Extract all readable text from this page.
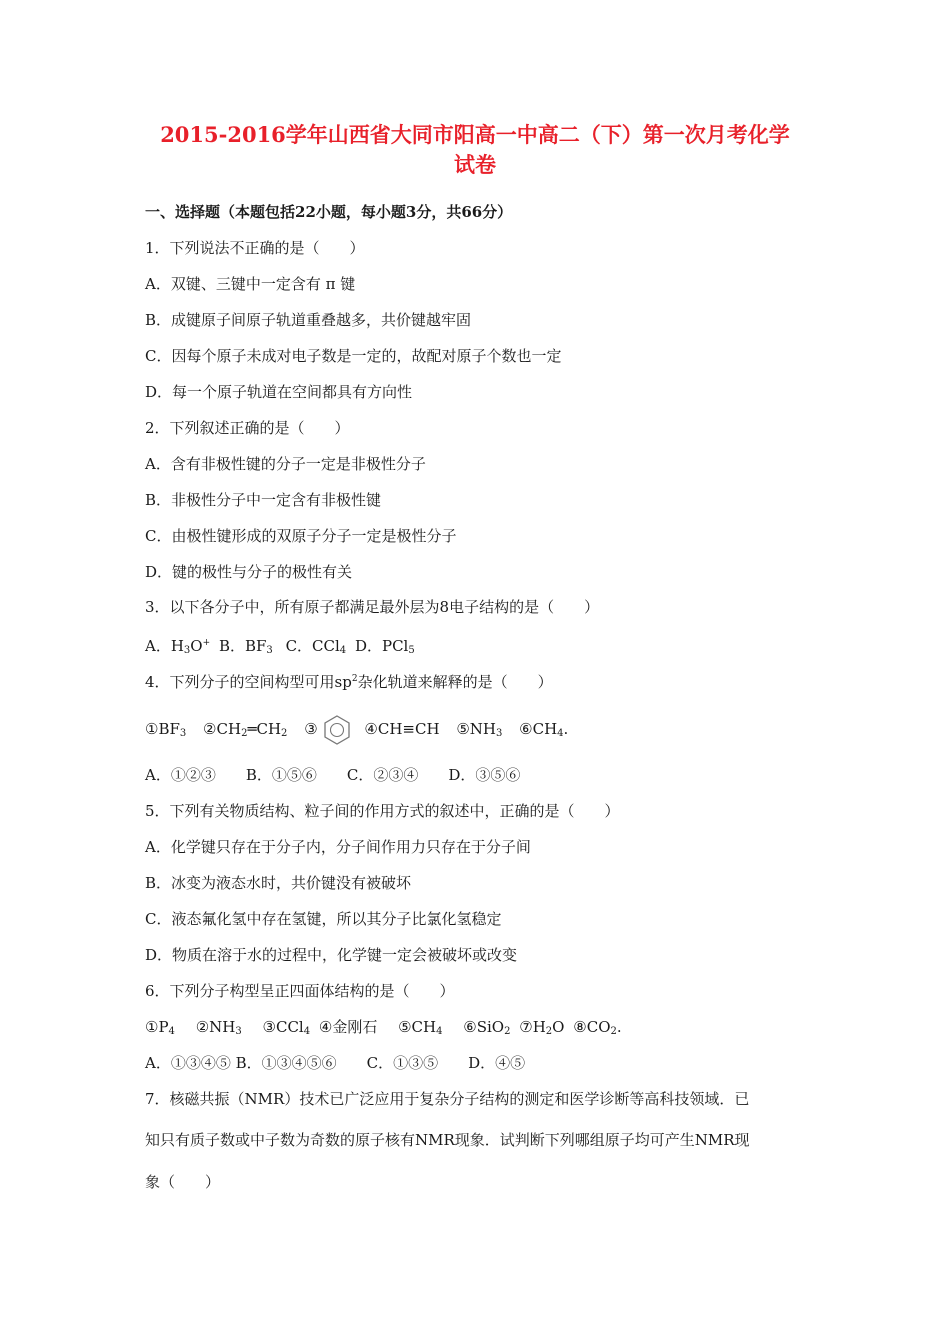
2015-2016学年山西省大同市阳高一中高二（下）第一次月考化学
试卷
一、选择题（本题包括22小题，每小题3分，共66分）
1．下列说法不正确的是（　　）
A．双键、三键中一定含有 π 键
B．成键原子间原子轨道重叠越多，共价键越牢固
C．因每个原子未成对电子数是一定的，故配对原子个数也一定
D．每一个原子轨道在空间都具有方向性
2．下列叙述正确的是（　　）
A．含有非极性键的分子一定是非极性分子
B．非极性分子中一定含有非极性键
C．由极性键形成的双原子分子一定是极性分子
D．键的极性与分子的极性有关
3．以下各分子中，所有原子都满足最外层为8电子结构的是（　　）
A．$H_3O^+$ B．$BF_3$ C．CCl$_4$ D．PCl$_5$
4．下列分子的空间构型可用$sp^2$杂化轨道来解释的是（　　）
$①BF_3$ $②CH_2═CH_2$ ③	④CH≡CH $⑤NH_3$ $⑥CH_4$.
A．①②③　　B．①⑤⑥　　C．②③④　　D．③⑤⑥
5．下列有关物质结构、粒子间的作用方式的叙述中，正确的是（　　）
A．化学键只存在于分子内，分子间作用力只存在于分子间
B．冰变为液态水时，共价键没有被破坏
C．液态氟化氢中存在氢键，所以其分子比氯化氢稳定
D．物质在溶于水的过程中，化学键一定会被破坏或改变
6．下列分子构型呈正四面体结构的是（　　）
$①P_4$ $②NH_3$ ③CCl$_4$ ④金刚石 $⑤CH_4$ ⑥SiO$_2$ $⑦H_2O$ $⑧CO_2$.
A．①③④⑤ B．①③④⑤⑥　　C．①③⑤　　D．④⑤
7．核磁共振（NMR）技术已广泛应用于复杂分子结构的测定和医学诊断等高科技领域．已
知只有质子数或中子数为奇数的原子核有NMR现象．试判断下列哪组原子均可产生NMR现
象（　　）
